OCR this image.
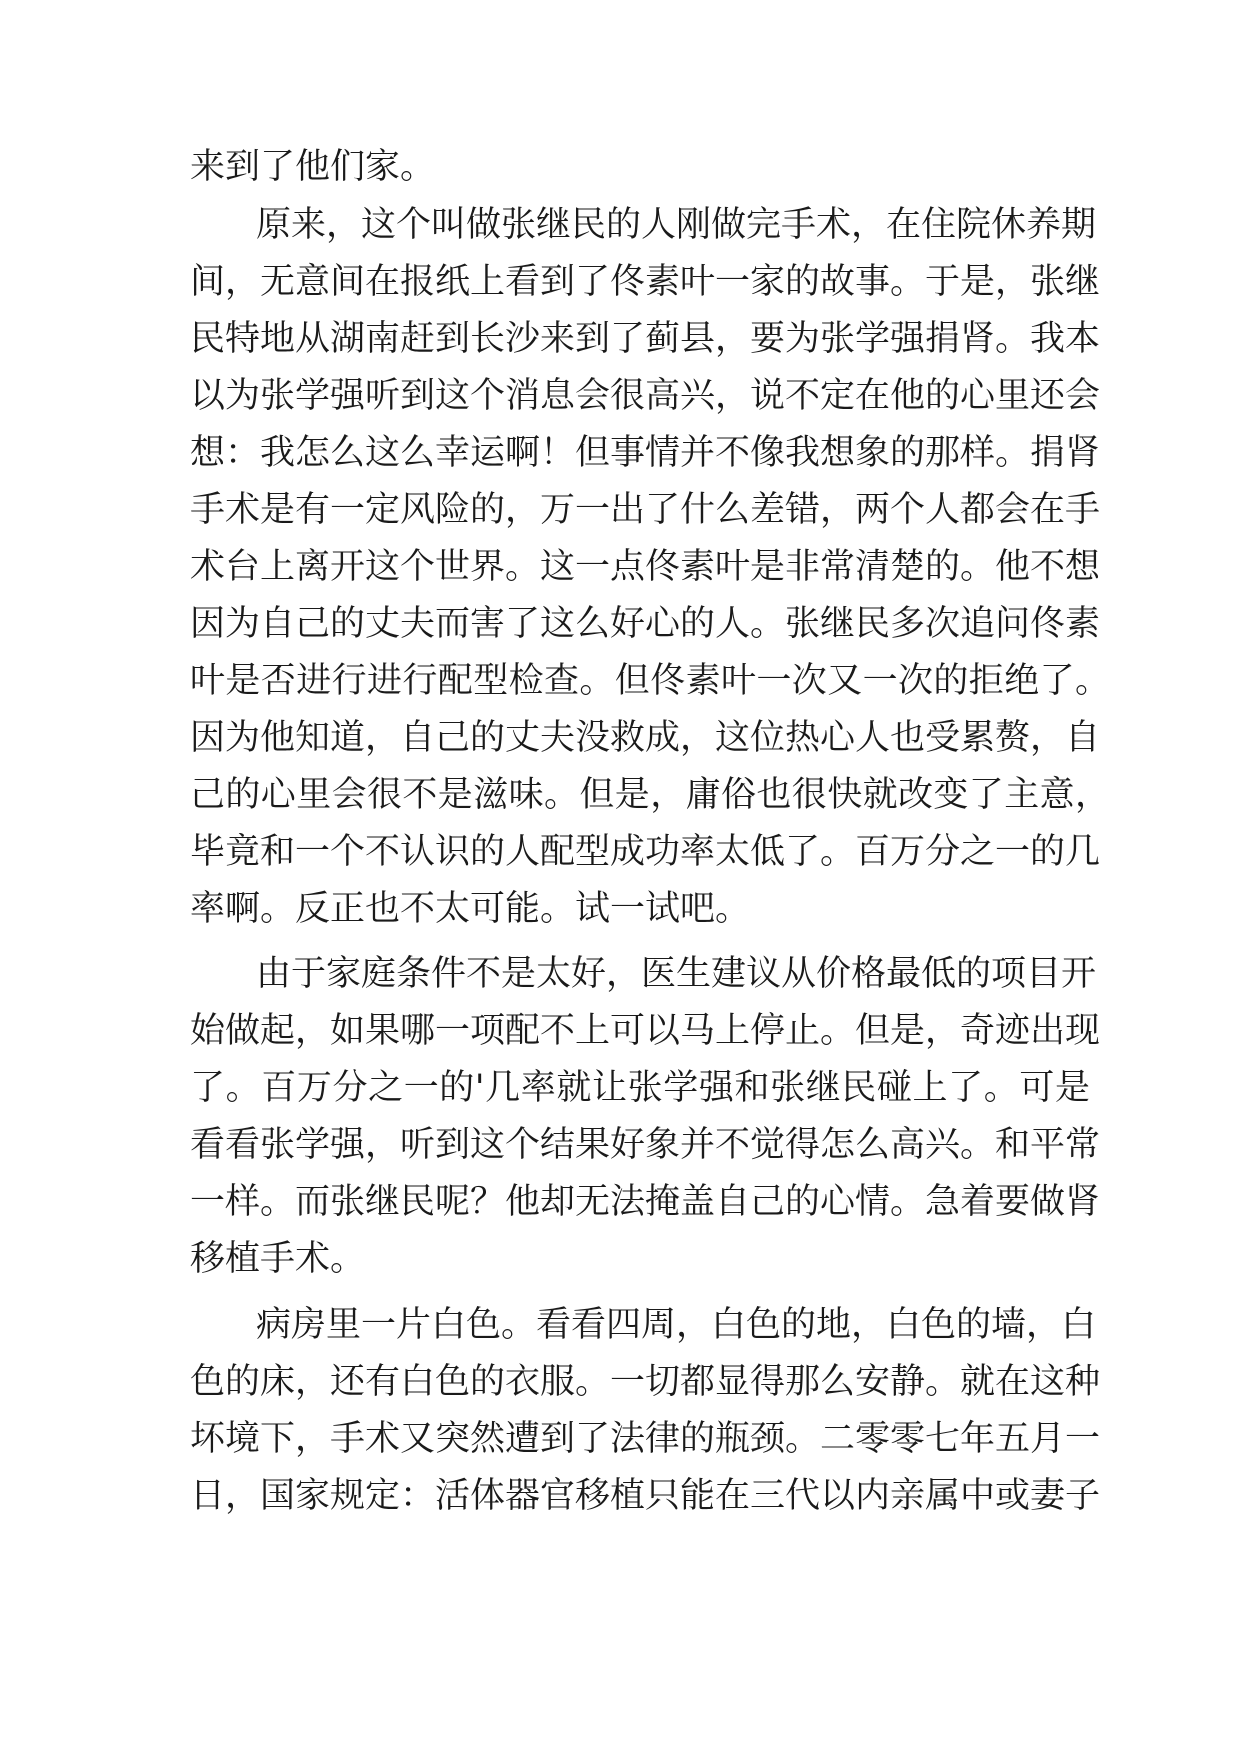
来到了他们家。
原来，这个叫做张继民的人刚做完手术，在住院休养期
间，无意间在报纸上看到了佟素叶一家的故事。于是，张继
民特地从湖南赶到长沙来到了蓟县，要为张学强捐肾。我本
以为张学强听到这个消息会很高兴，说不定在他的心里还会
想：我怎么这么幸运啊！但事情并不像我想象的那样。捐肾
手术是有一定风险的，万一出了什么差错，两个人都会在手
术台上离开这个世界。这一点佟素叶是非常清楚的。他不想
因为自己的丈夫而害了这么好心的人。张继民多次追问佟素
叶是否进行进行配型检查。但佟素叶一次又一次的拒绝了。
因为他知道，自己的丈夫没救成，这位热心人也受累赘，自
己的心里会很不是滋味。但是，庸俗也很快就改变了主意，
毕竟和一个不认识的人配型成功率太低了。百万分之一的几
率啊。反正也不太可能。试一试吧。
由于家庭条件不是太好，医生建议从价格最低的项目开
始做起，如果哪一项配不上可以马上停止。但是，奇迹出现
了。百万分之一的'几率就让张学强和张继民碰上了。可是
看看张学强，听到这个结果好象并不觉得怎么高兴。和平常
一样。而张继民呢？他却无法掩盖自己的心情。急着要做肾
移植手术。
病房里一片白色。看看四周，白色的地，白色的墙，白
色的床，还有白色的衣服。一切都显得那么安静。就在这种
坏境下，手术又突然遭到了法律的瓶颈。二零零七年五月一
日，国家规定：活体器官移植只能在三代以内亲属中或妻子
